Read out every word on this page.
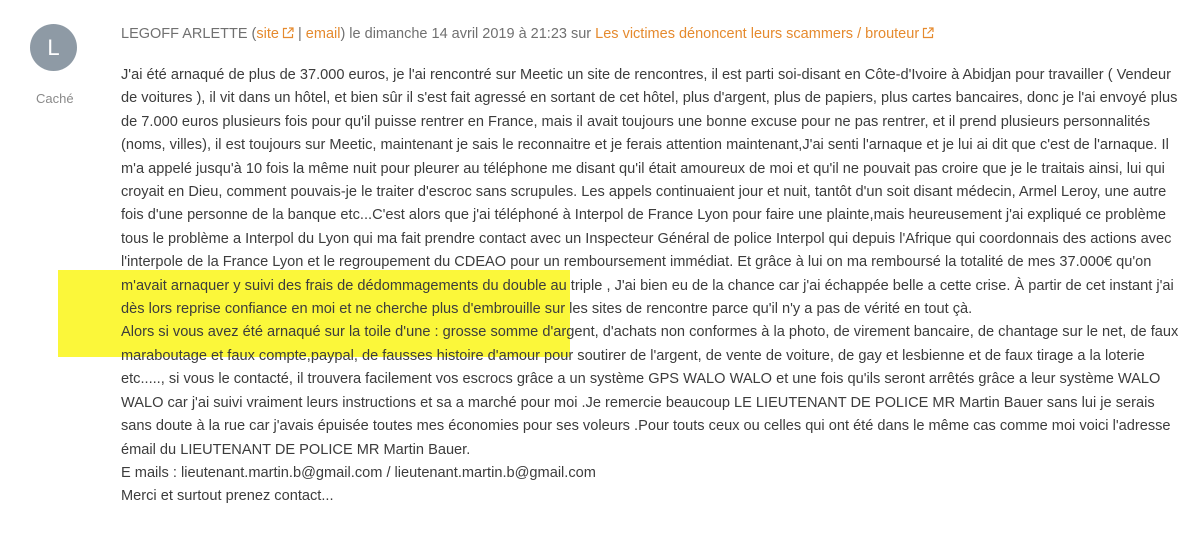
L
Caché
LEGOFF ARLETTE (site | email) le dimanche 14 avril 2019 à 21:23 sur Les victimes dénoncent leurs scammers / brouteur

J'ai été arnaqué de plus de 37.000 euros, je l'ai rencontré sur Meetic un site de rencontres, il est parti soi-disant en Côte-d'Ivoire à Abidjan pour travailler ( Vendeur de voitures ), il vit dans un hôtel, et bien sûr il s'est fait agressé en sortant de cet hôtel, plus d'argent, plus de papiers, plus cartes bancaires, donc je l'ai envoyé plus de 7.000 euros plusieurs fois pour qu'il puisse rentrer en France, mais il avait toujours une bonne excuse pour ne pas rentrer, et il prend plusieurs personnalités (noms, villes), il est toujours sur Meetic, maintenant je sais le reconnaitre et je ferais attention maintenant,J'ai senti l'arnaque et je lui ai dit que c'est de l'arnaque. Il m'a appelé jusqu'à 10 fois la même nuit pour pleurer au téléphone me disant qu'il était amoureux de moi et qu'il ne pouvait pas croire que je le traitais ainsi, lui qui croyait en Dieu, comment pouvais-je le traiter d'escroc sans scrupules. Les appels continuaient jour et nuit, tantôt d'un soit disant médecin, Armel Leroy, une autre fois d'une personne de la banque etc...C'est alors que j'ai téléphoné à Interpol de France Lyon pour faire une plainte,mais heureusement j'ai expliqué ce problème tous le problème a Interpol du Lyon qui ma fait prendre contact avec un Inspecteur Général de police Interpol qui depuis l'Afrique qui coordonnais des actions avec l'interpole de la France Lyon et le regroupement du CDEAO pour un remboursement immédiat. Et grâce à lui on ma remboursé la totalité de mes 37.000€ qu'on m'avait arnaquer y suivi des frais de dédommagements du double au triple , J'ai bien eu de la chance car j'ai échappée belle a cette crise. À partir de cet instant j'ai dès lors reprise confiance en moi et ne cherche plus d'embrouille sur les sites de rencontre parce qu'il n'y a pas de vérité en tout çà.

Alors si vous avez été arnaqué sur la toile d'une : grosse somme d'argent, d'achats non conformes à la photo, de virement bancaire, de chantage sur le net, de faux maraboutage et faux compte,paypal, de fausses histoire d'amour pour soutirer de l'argent, de vente de voiture, de gay et lesbienne et de faux tirage a la loterie etc....., si vous le contacté, il trouvera facilement vos escrocs grâce a un système GPS WALO WALO et une fois qu'ils seront arrêtés grâce a leur système WALO WALO car j'ai suivi vraiment leurs instructions et sa a marché pour moi .Je remercie beaucoup LE LIEUTENANT DE POLICE MR Martin Bauer sans lui je serais sans doute à la rue car j'avais épuisée toutes mes économies pour ses voleurs .Pour touts ceux ou celles qui ont été dans le même cas comme moi voici l'adresse émail du LIEUTENANT DE POLICE MR Martin Bauer.

E mails : lieutenant.martin.b@gmail.com / lieutenant.martin.b@gmail.com

Merci et surtout prenez contact...
